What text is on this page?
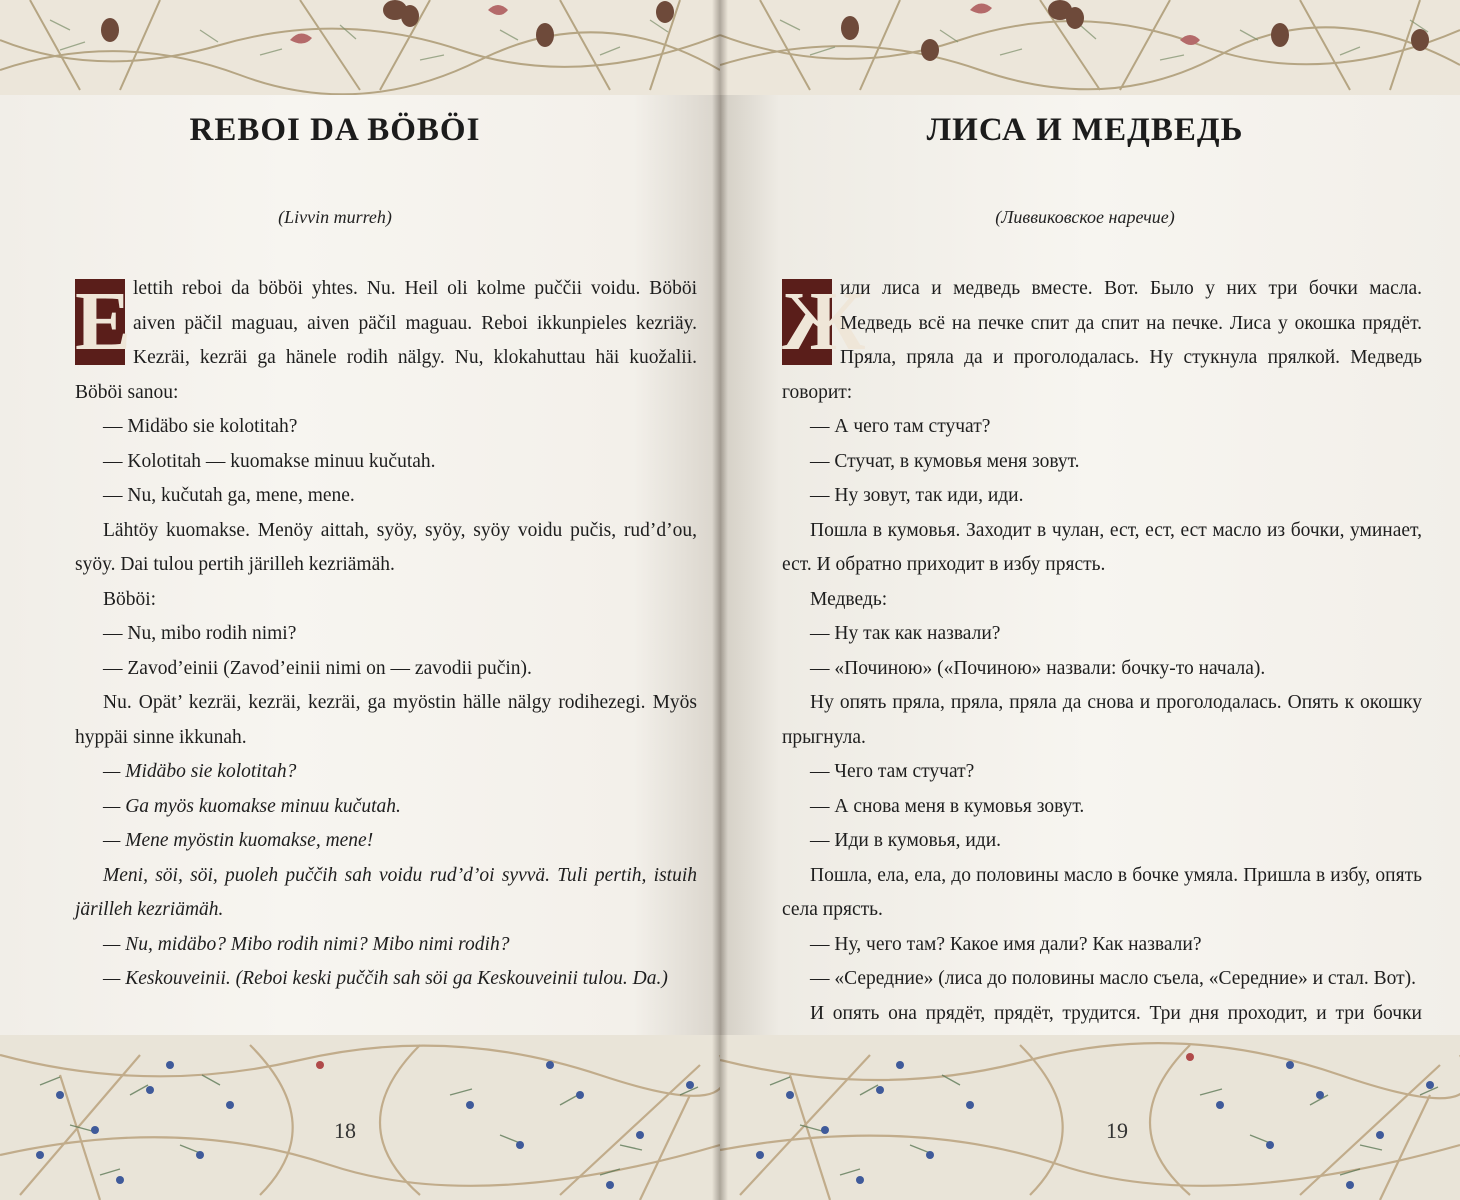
REBOI DA BÖBÖI
(Livvin murreh)

E lettih reboi da böböi yhtes. Nu. Heil oli kolme puččii voidu. Böböi aiven päčil maguau, aiven päčil maguau. Reboi ikkunpieles kezriäy. Kezräi, kezräi ga hänele rodih nälgy. Nu, klokahuttau häi kuožalii. Böböi sanou:

— Midäbo sie kolotitah?

— Kolotitah — kuomakse minuu kučutah.

— Nu, kučutah ga, mene, mene.

Lähtöy kuomakse. Menöy aittah, syöy, syöy, syöy voidu pučis, rud’d’ou, syöy. Dai tulou pertih järilleh kezriämäh.

Böböi:

— Nu, mibo rodih nimi?

— Zavod’einii (Zavod’einii nimi on — zavodii pučin).

Nu. Opät’ kezräi, kezräi, kezräi, ga myöstin hälle nälgy rodihezegi. Myös hyppäi sinne ikkunah.

— Midäbo sie kolotitah?

— Ga myös kuomakse minuu kučutah.

— Mene myöstin kuomakse, mene!

Meni, söi, söi, puoleh puččih sah voidu rud’d’oi syvvä. Tuli pertih, istuih järilleh kezriämäh.

— Nu, midäbo? Mibo rodih nimi? Mibo nimi rodih?

— Keskouveinii. (Reboi keski puččih sah söi ga Keskouveinii tulou. Da.)

18
ЛИСА И МЕДВЕДЬ
(Ливвиковское наречие)

Ж
или лиса и медведь вместе. Вот. Было у них три бочки масла. Медведь всё на печке спит да спит на печке. Лиса у окошка прядёт. Пряла, пряла да и проголодалась. Ну стукнула прялкой. Медведь говорит:

— А чего там стучат?

— Стучат, в кумовья меня зовут.

— Ну зовут, так иди, иди.

Пошла в кумовья. Заходит в чулан, ест, ест, ест масло из бочки, уминает, ест. И обратно приходит в избу прясть.

Медведь:

— Ну так как назвали?

— «Починою» («Починою» назвали: бочку-то начала).

Ну опять пряла, пряла, пряла да снова и проголодалась. Опять к окошку прыгнула.

— Чего там стучат?

— А снова меня в кумовья зовут.

— Иди в кумовья, иди.

Пошла, ела, ела, до половины масло в бочке умяла. Пришла в избу, опять села прясть.

— Ну, чего там? Какое имя дали? Как назвали?

— «Середние» (лиса до половины масло съела, «Середние» и стал. Вот).

И опять она прядёт, прядёт, трудится. Три дня проходит, и три бочки

19
